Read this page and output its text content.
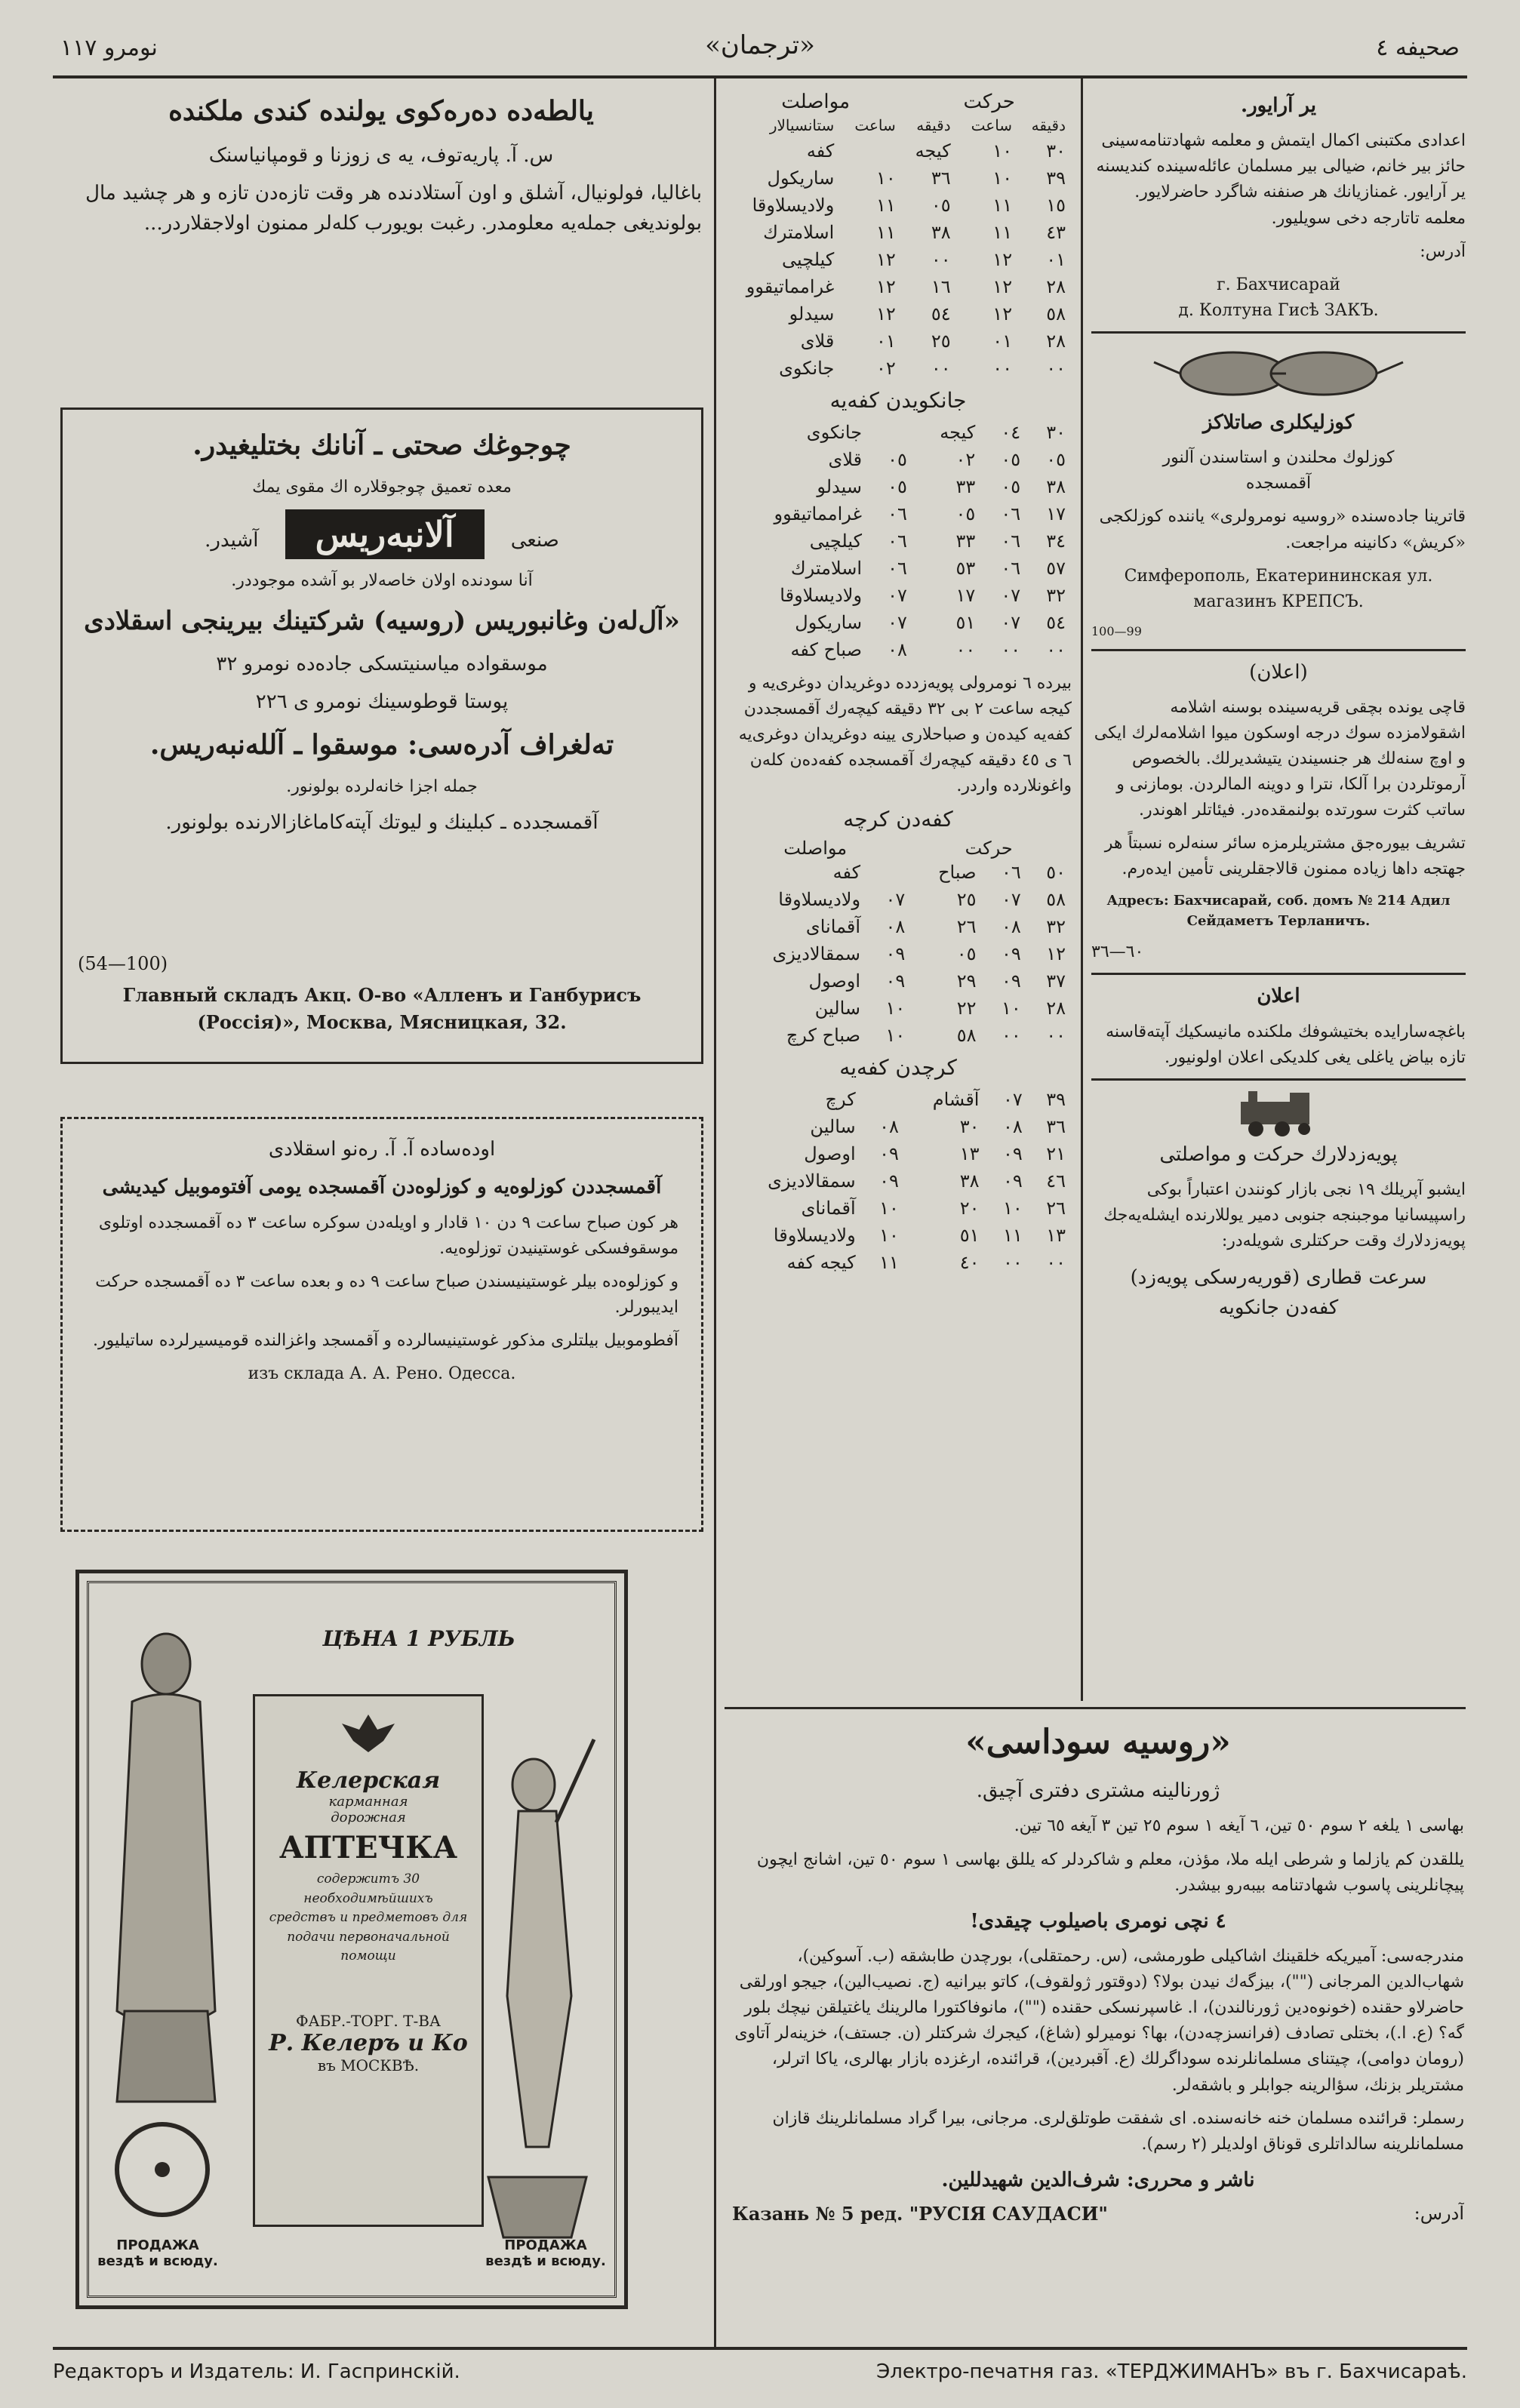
نومرو ١١٧	«ترجمان»	صحیفه ٤

یالطه‌ده ده‌ره‌کوی یولنده کندی ملکنده

س. آ. پاریه‌توف، یه ی زوزنا و قومپانیاسنک

باغالیا، فولونیال، آشلق و اون آستلادنده هر وقت تازه‌دن تازه و هر چشید مال بولوندیغی جمله‌یه معلومدر. رغبت بویورب کله‌لر ممنون اولاجقلاردر...

چوجوغك صحتی ـ آنانك بختلیغیدر.

معده تعمیق چوجوقلاره اك مقوی یمك

صنعی آلانبه‌ریس آشیدر.

آنا سودنده اولان خاصه‌لار بو آشده موجوددر.

«آل‌له‌ن وغانبوریس (روسیه) شرکتینك بیرینجی اسقلادی

موسقواده میاسنیتسکی جاده‌ده نومرو ۳۲

پوستا قوطوسینك نومرو ی ۲۲٦

ته‌لغراف آدره‌سی: موسقوا ـ آلله‌نبه‌ریس.

جمله اجزا خانه‌لرده بولونور.

آقمسجدده ـ کبلینك و لیوتك آپته‌کاماغازالارنده بولونور.

(54—100)
Главный складъ Акц. О-во «Алленъ и Ганбурисъ (Россія)», Москва, Мясницкая, 32.

اوده‌ساده آ. آ. ره‌نو اسقلادی

آقمسجددن کوزلوه‌یه و کوزلوه‌دن آقمسجده یومی آفتوموبیل کیدیشی

هر کون صباح ساعت ۹ دن ۱۰ قادار و اویله‌دن سوکره ساعت ۳ ده آقمسجدده اوتلوی موسقوفسکی غوستینیدن توزلوه‌یه.

و کوزلوه‌ده بیلر غوستینیسندن صباح ساعت ۹ ده و بعده ساعت ۳ ده آقمسجده حرکت ایدیبورلر.

آفطوموبیل بیلتلری مذکور غوستینیسالرده و آقمسجد واغزالنده قومیسیرلرده ساتیلیور.

изъ склада А. А. Рено. Одесса.

ЦѢНА 1 РУБЛЬ
Келерская
карманная
дорожная
АПТЕЧКА
содержитъ 30 необходимѣйшихъ средствъ и предметовъ для подачи первоначальной помощи
ФАБР.-ТОРГ. Т-ВА
Р. Келеръ и Ко
въ МОСКВѢ.
ПРОДАЖА вездѣ и всюду.
ПРОДАЖА вездѣ и всюду.
حرکت
مواصلت
دقیقه	ساعت	دقیقه	ساعت	ستانسیالار
٣٠	١٠	کیجه		کفه
٣٩	١٠	٣٦	١٠	ساریکول
١٥	١١	٠٥	١١	ولادیسلاوقا
٤٣	١١	٣٨	١١	اسلامترك
٠١	١٢	٠٠	١٢	کیلچیی
٢٨	١٢	١٦	١٢	غرامماتیقوو
٥٨	١٢	٥٤	١٢	سیدلو
٢٨	٠١	٢٥	٠١	قلای
٠٠	٠٠	٠٠	٠٢	جانکوی
جانکویدن کفه‌یه
٣٠	٠٤	کیجه		جانکوی
٠٥	٠٥	٠٢	٠٥	قلای
٣٨	٠٥	٣٣	٠٥	سیدلو
١٧	٠٦	٠٥	٠٦	غرامماتیقوو
٣٤	٠٦	٣٣	٠٦	کیلچیی
٥٧	٠٦	٥٣	٠٦	اسلامترك
٣٢	٠٧	١٧	٠٧	ولادیسلاوقا
٥٤	٠٧	٥١	٠٧	ساریکول
٠٠	٠٠	٠٠	٠٨	صباح کفه

بیرده ٦ نومرولی پویه‌زدده دوغریدان دوغری‌یه و کیجه ساعت ۲ بی ۳۲ دقیقه کیچه‌رك آقمسجددن کفه‌یه کیده‌ن و صباحلاری یینه دوغریدان دوغری‌یه ٦ ی ٤٥ دقیقه کیچه‌رك آقمسجده کفه‌ده‌ن کله‌ن واغونلارده واردر.

کفه‌دن کرچه
حرکت
مواصلت
٥٠	٠٦	صباح		کفه
٥٨	٠٧	٢٥	٠٧	ولادیسلاوقا
٣٢	٠٨	٢٦	٠٨	آقمانای
١٢	٠٩	٠٥	٠٩	سمقالادیزی
٣٧	٠٩	٢٩	٠٩	اوصول
٢٨	١٠	٢٢	١٠	سالین
٠٠	٠٠	٥٨	١٠	صباح کرچ
کرچدن کفه‌یه
٣٩	٠٧	آقشام		کرچ
٣٦	٠٨	٣٠	٠٨	سالین
٢١	٠٩	١٣	٠٩	اوصول
٤٦	٠٩	٣٨	٠٩	سمقالادیزی
٢٦	١٠	٢٠	١٠	آقمانای
١٣	١١	٥١	١٠	ولادیسلاوقا
٠٠	٠٠	٤٠	١١	کیجه کفه

یر آرایور.

اعدادی مکتبنی اکمال ایتمش و معلمه شهادتنامه‌سینی حائز بیر خانم، ضیالی بیر مسلمان عائله‌سینده کندیسنه یر آرایور. غمنازیانك هر صنفنه شاگرد حاضرلایور. معلمه تاتارجه دخی سویلیور.

آدرس:

г. Бахчисарай

д. Колтуна Гисѣ ЗАКЪ.

کوزلیکلری صاتلاکز

کوزلوك محلندن و استاسندن آلنور

آقمسجده

قاترینا جاده‌سنده «روسیه نومرولری» یاننده کوزلکجی «کریش» دکانینه مراجعت.

Симферополь, Екатерининская ул.

магазинъ КРЕПСЪ.

99—100

(اعلان)

قاچی یونده بچقی قریه‌سینده بوسنه اشلامه اشقولامزده سوك درجه اوسکون میوا اشلامه‌لرك ایکی و اوچ سنه‌لك هر جنسیندن یتیشدیرلك. بالخصوص آرموتلردن برا آلکا، نترا و دوینه المالردن. بومازنی و ساتب کثرت سورتده بولنمقده‌در. فیئاتلر اهوندر.

تشریف بیوره‌جق مشتریلرمزه سائر سنه‌لره نسبتاً هر جهتجه داها زیاده ممنون قالاجقلرینی تأمین ایده‌رم.

Адресъ: Бахчисарай, соб. домъ № 214 Адил Сейдаметъ Терланичъ.

٦٠—٣٦

اعلان

باغچه‌سارایده بختیشوفك ملکنده مانیسکیك آپته‌قاسنه تازه بیاض یاغلی یغی کلدیکی اعلان اولونیور.

پویه‌زدلارك حرکت و مواصلتی

ایشبو آپریلك ١٩ نجی بازار کونندن اعتباراً بوکی راسپیسانیا موجبنجه جنوبی دمیر یوللارنده ایشله‌یه‌جك پویه‌زدلارك وقت حرکتلری شویله‌در:

سرعت قطاری (قوریه‌رسکی پویه‌زد)

کفه‌دن جانکویه

«روسیه سوداسی»

ژورنالینه مشتری دفتری آچیق.

بهاسی ١ یلغه ٢ سوم ٥٠ تین، ٦ آیغه ١ سوم ٢٥ تین ٣ آیغه ٦٥ تین.

یللقدن کم یازلما و شرطی ایله ملا، مؤذن، معلم و شاکردلر که یللق بهاسی ١ سوم ٥٠ تین، اشانج ایچون پیچانلرینی پاسوب شهادتنامه بیبه‌رو بیشدر.

٤ نچی نومری باصیلوب چیقدی!

مندرجه‌سی: آمیریکه خلقینك اشاکیلی طورمشی، (س. رحمتقلی)، بورچدن طابشقه (ب. آسوکین)، شهاب‌الدین المرجانی ("")، بیزگه‌ك نیدن بولا؟ (دوقتور ژولقوف)، کاتو بیرانیه (ج. نصیب‌الین)، جیجو اورلقی حاضرلاو حقنده (خونوه‌دین ژورنالندن)، ا. غاسپرنسکی حقنده ("")، مانوفاکتورا مالرینك یاغتیلقن نیچك بلور گه؟ (ع. ا.)، بختلی تصادف (فرانسزچه‌دن)، بها؟ نومیرلو (شاغ)، کیجرك شرکتلر (ن. جستف)، خزینه‌لر آتاوی (رومان دوامی)، چیتنای مسلمانلرنده سوداگرلك (ع. آقبردین)، قرائنده، ارغزده بازار بهالری، یاکا اترلر، مشتریلر بزنك، سؤالرینه جوابلر و باشقه‌لر.

رسملر: قرائنده مسلمان خنه خانه‌سنده. ای شفقت طوتلق‌لری. مرجانی، بیرا گراد مسلمانلرینك قازان مسلمانلرینه سالداتلری قوناق اولدیلر (۲ رسم).

ناشر و محرری: شرف‌الدین شهیدللین.

آدرس:
Казань № 5 ред. "РУСІЯ САУДАСИ"
Редакторъ и Издатель: И. Гаспринскій.	Электро-печатня газ. «ТЕРДЖИМАНЪ» въ г. Бахчисараѣ.
